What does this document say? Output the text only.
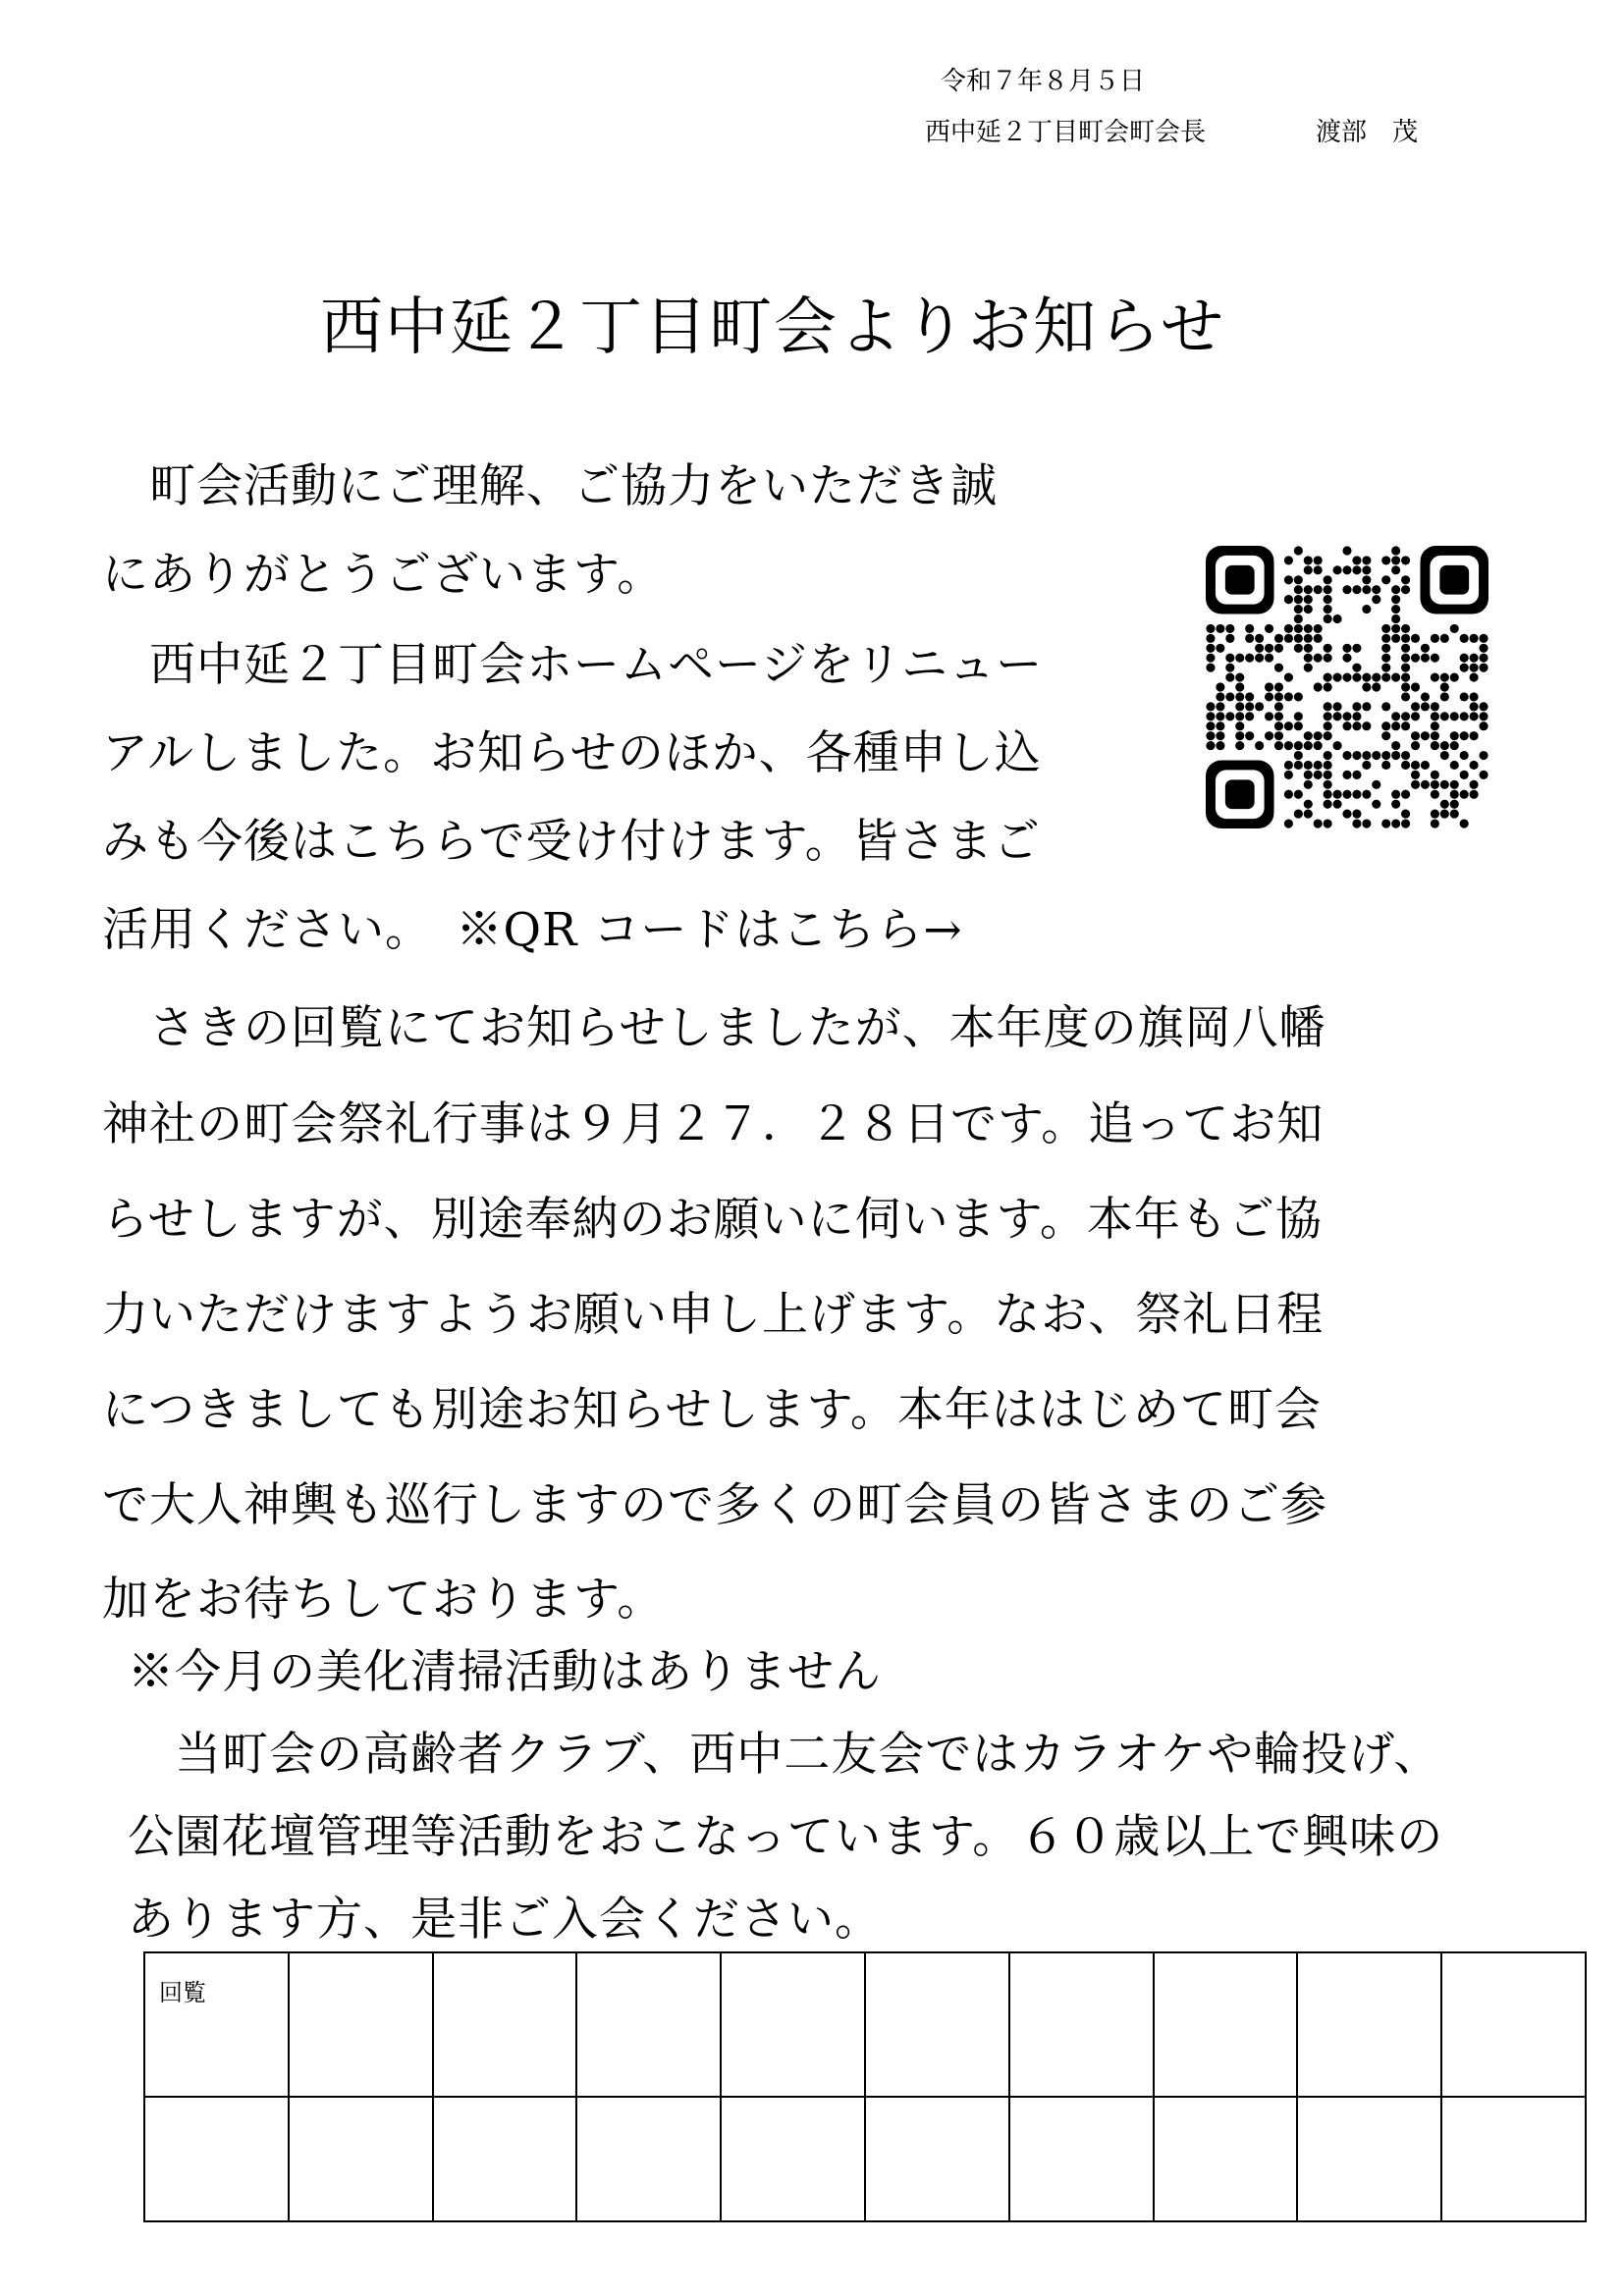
令和７年８月５日
西中延２丁目町会町会長	渡部　茂
西中延２丁目町会よりお知らせ
　町会活動にご理解、ご協力をいただき誠
にありがとうございます。
　西中延２丁目町会ホームページをリニュー
アルしました。お知らせのほか、各種申し込
みも今後はこちらで受け付けます。皆さまご
活用ください。　※QR コードはこちら→
　さきの回覧にてお知らせしましたが、本年度の旗岡八幡
神社の町会祭礼行事は９月２７．２８日です。追ってお知
らせしますが、別途奉納のお願いに伺います。本年もご協
力いただけますようお願い申し上げます。なお、祭礼日程
につきましても別途お知らせします。本年ははじめて町会
で大人神輿も巡行しますので多くの町会員の皆さまのご参
加をお待ちしております。
※今月の美化清掃活動はありません
　当町会の高齢者クラブ、西中二友会ではカラオケや輪投げ、
公園花壇管理等活動をおこなっています。６０歳以上で興味の
あります方、是非ご入会ください。
回覧									
